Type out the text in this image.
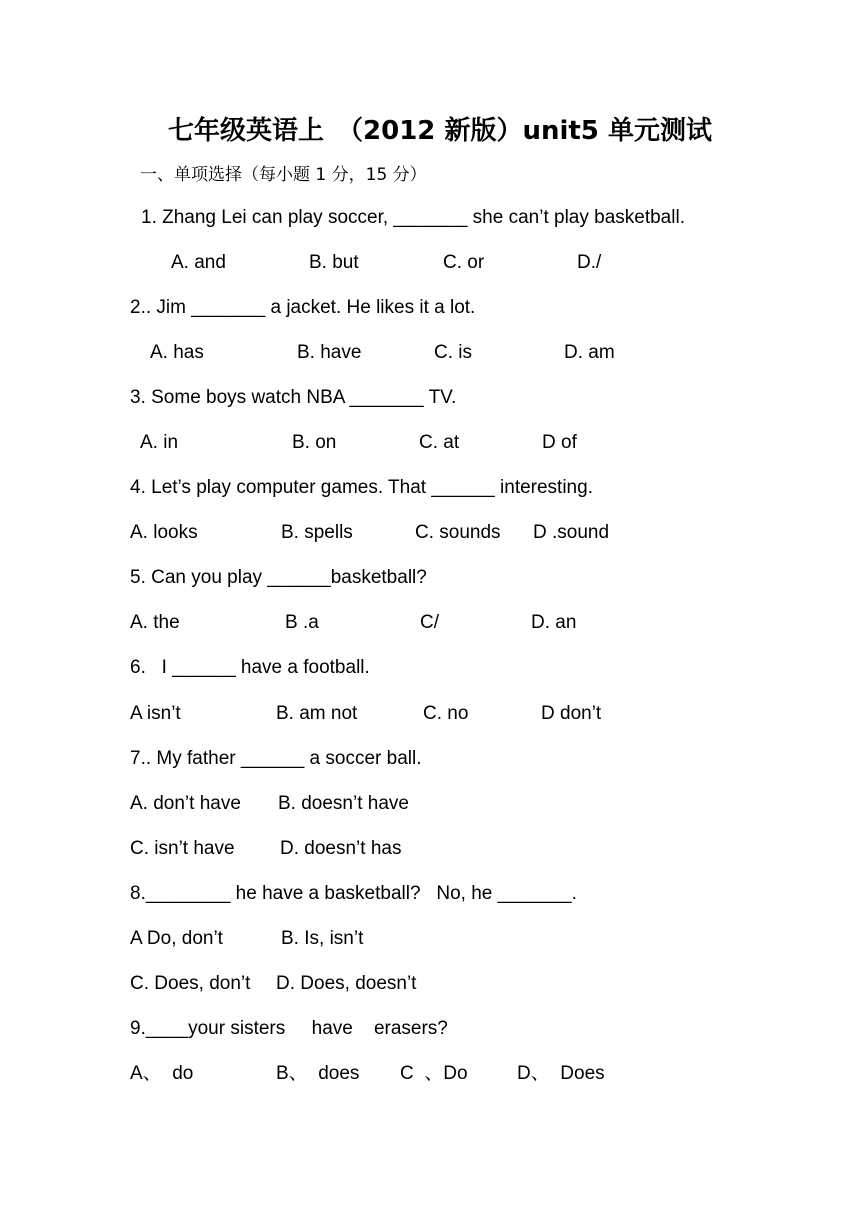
七年级英语上　（2012 新版）unit5 单元测试
一、单项选择（每小题 1 分，15 分）
1. Zhang Lei can play soccer, _______ she can’t play basketball.
A. and	B. but	C. or	D./
2.. Jim _______ a jacket. He likes it a lot.
A. has	B. have	C. is	D. am
3. Some boys watch NBA _______ TV.
A. in	B. on	C. at	D of
4. Let’s play computer games. That ______ interesting.
A. looks	B. spells	C. sounds D .sound
5. Can you play ______basketball?
A. the	B .a	C/	D. an
6.   I ______ have a football.
A isn’t	B. am not	C. no	D don’t
7.. My father ______ a soccer ball.
A. don’t have B. doesn’t have
C. isn’t have D. doesn’t has
8.________ he have a basketball?   No, he _______.
A Do, don’t	B. Is, isn’t
C. Does, don’t D. Does, doesn’t
9.____your sisters     have    erasers?
A、  do	B、  does C  、Do	D、  Does
